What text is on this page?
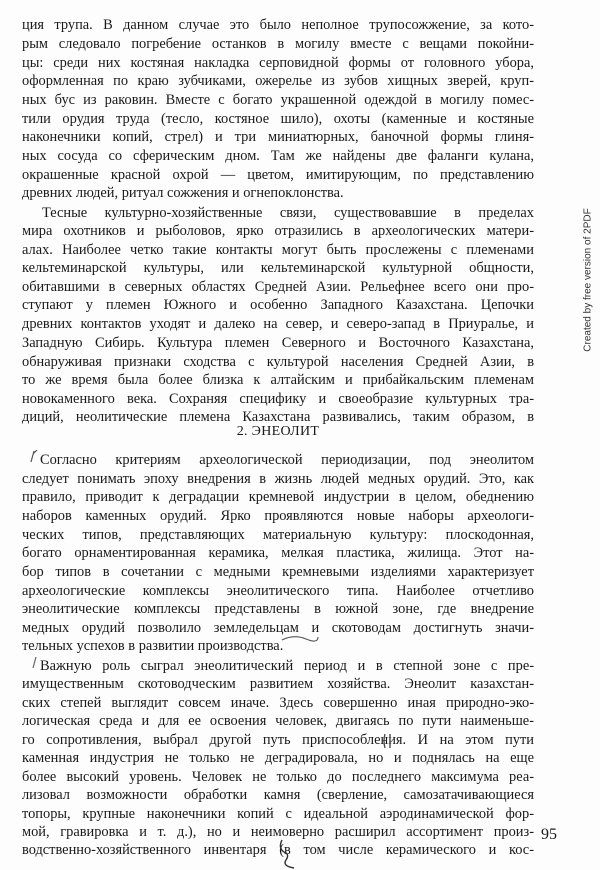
ция трупа. В данном случае это было неполное трупосожжение, за кото-
рым следовало погребение останков в могилу вместе с вещами покойни-
цы: среди них костяная накладка серповидной формы от головного убора,
оформленная по краю зубчиками, ожерелье из зубов хищных зверей, круп-
ных бус из раковин. Вместе с богато украшенной одеждой в могилу помес-
тили орудия труда (тесло, костяное шило), охоты (каменные и костяные
наконечники копий, стрел) и три миниатюрных, баночной формы глиня-
ных сосуда со сферическим дном. Там же найдены две фаланги кулана,
окрашенные красной охрой — цветом, имитирующим, по представлению
древних людей, ритуал сожжения и огнепоклонства.
Тесные культурно-хозяйственные связи, существовавшие в пределах
мира охотников и рыболовов, ярко отразились в археологических матери-
алах. Наиболее четко такие контакты могут быть прослежены с племенами
кельтеминарской культуры, или кельтеминарской культурной общности,
обитавшими в северных областях Средней Азии. Рельефнее всего они про-
ступают у племен Южного и особенно Западного Казахстана. Цепочки
древних контактов уходят и далеко на север, и северо-запад в Приуралье, и
Западную Сибирь. Культура племен Северного и Восточного Казахстана,
обнаруживая признаки сходства с культурой населения Средней Азии, в
то же время была более близка к алтайским и прибайкальским племенам
новокаменного века. Сохраняя специфику и своеобразие культурных тра-
диций, неолитические племена Казахстана развивались, таким образом, в
2. ЭНЕОЛИТ
Согласно критериям археологической периодизации, под энеолитом
следует понимать эпоху внедрения в жизнь людей медных орудий. Это, как
правило, приводит к деградации кремневой индустрии в целом, обеднению
наборов каменных орудий. Ярко проявляются новые наборы археологи-
ческих типов, представляющих материальную культуру: плоскодонная,
богато орнаментированная керамика, мелкая пластика, жилища. Этот на-
бор типов в сочетании с медными кремневыми изделиями характеризует
археологические комплексы энеолитического типа. Наиболее отчетливо
энеолитические комплексы представлены в южной зоне, где внедрение
медных орудий позволило земледельцам и скотоводам достигнуть значи-
тельных успехов в развитии производства.
Важную роль сыграл энеолитический период и в степной зоне с пре-
имущественным скотоводческим развитием хозяйства. Энеолит казахстан-
ских степей выглядит совсем иначе. Здесь совершенно иная природно-эко-
логическая среда и для ее освоения человек, двигаясь по пути наименьше-
го сопротивления, выбрал другой путь приспособления. И на этом пути
каменная индустрия не только не деградировала, но и поднялась на еще
более высокий уровень. Человек не только до последнего максимума реа-
лизовал возможности обработки камня (сверление, самозатачивающиеся
топоры, крупные наконечники копий с идеальной аэродинамической фор-
мой, гравировка и т. д.), но и неимоверно расширил ассортимент произ-
водственно-хозяйственного инвентаря (в том числе керамического и кос-
95
Created by free version of 2PDF
